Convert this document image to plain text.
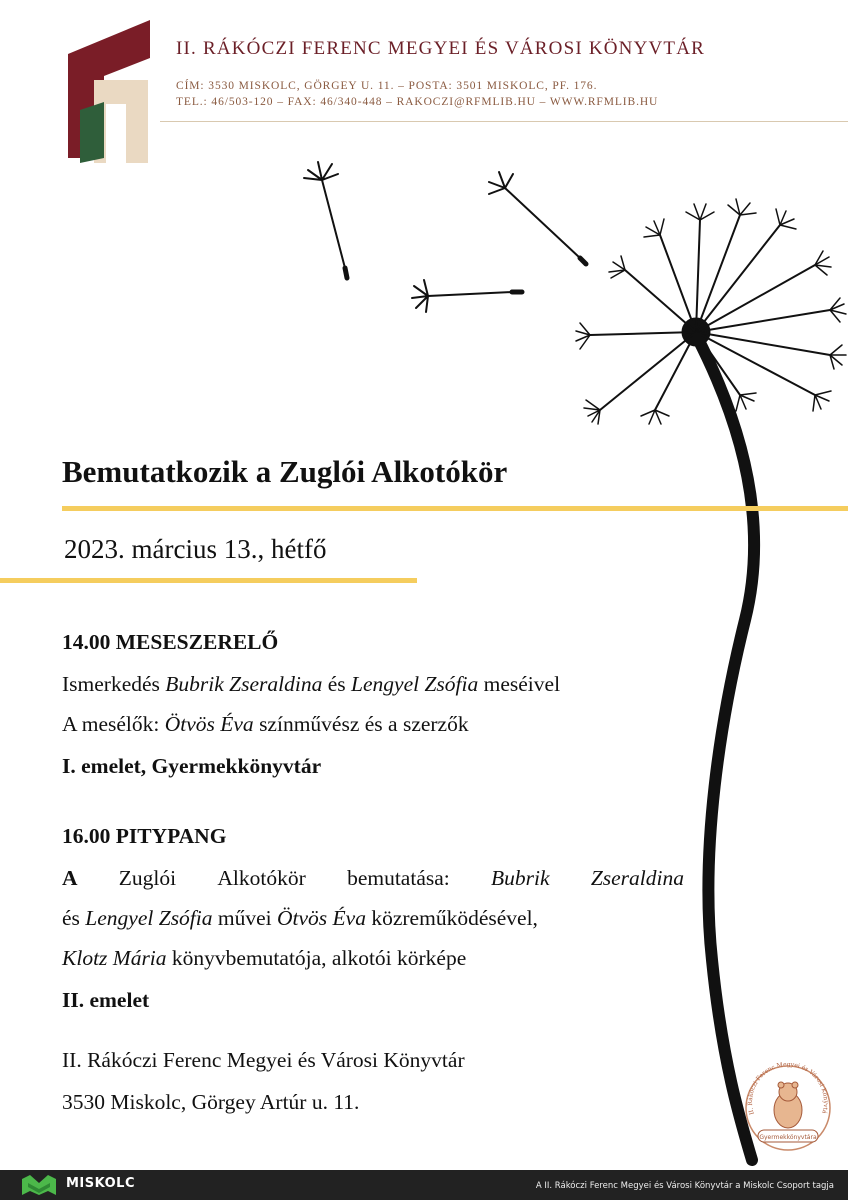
II. RÁKÓCZI FERENC MEGYEI ÉS VÁROSI KÖNYVTÁR
CÍM: 3530 MISKOLC, GÖRGEY U. 11. – POSTA: 3501 MISKOLC, PF. 176.
TEL.: 46/503-120 – FAX: 46/340-448 – RAKOCZI@RFMLIB.HU – WWW.RFMLIB.HU
Bemutatkozik a Zuglói Alkotókör
2023. március 13., hétfő
14.00 MESESZERELŐ
Ismerkedés Bubrik Zseraldina és Lengyel Zsófia meséivel
A mesélők: Ötvös Éva színművész és a szerzők
I. emelet, Gyermekkönyvtár
16.00 PITYPANG
A Zuglói Alkotókör bemutatása: Bubrik Zseraldina
és Lengyel Zsófia művei Ötvös Éva közreműködésével,
Klotz Mária könyvbemutatója, alkotói körképe
II. emelet
II. Rákóczi Ferenc Megyei és Városi Könyvtár
3530 Miskolc, Görgey Artúr u. 11.	II. Rákóczi Ferenc Megyei és Városi Könyvtá
Gyermekkönyvtára
MISKOLC	A II. Rákóczi Ferenc Megyei és Városi Könyvtár a Miskolc Csoport tagja
